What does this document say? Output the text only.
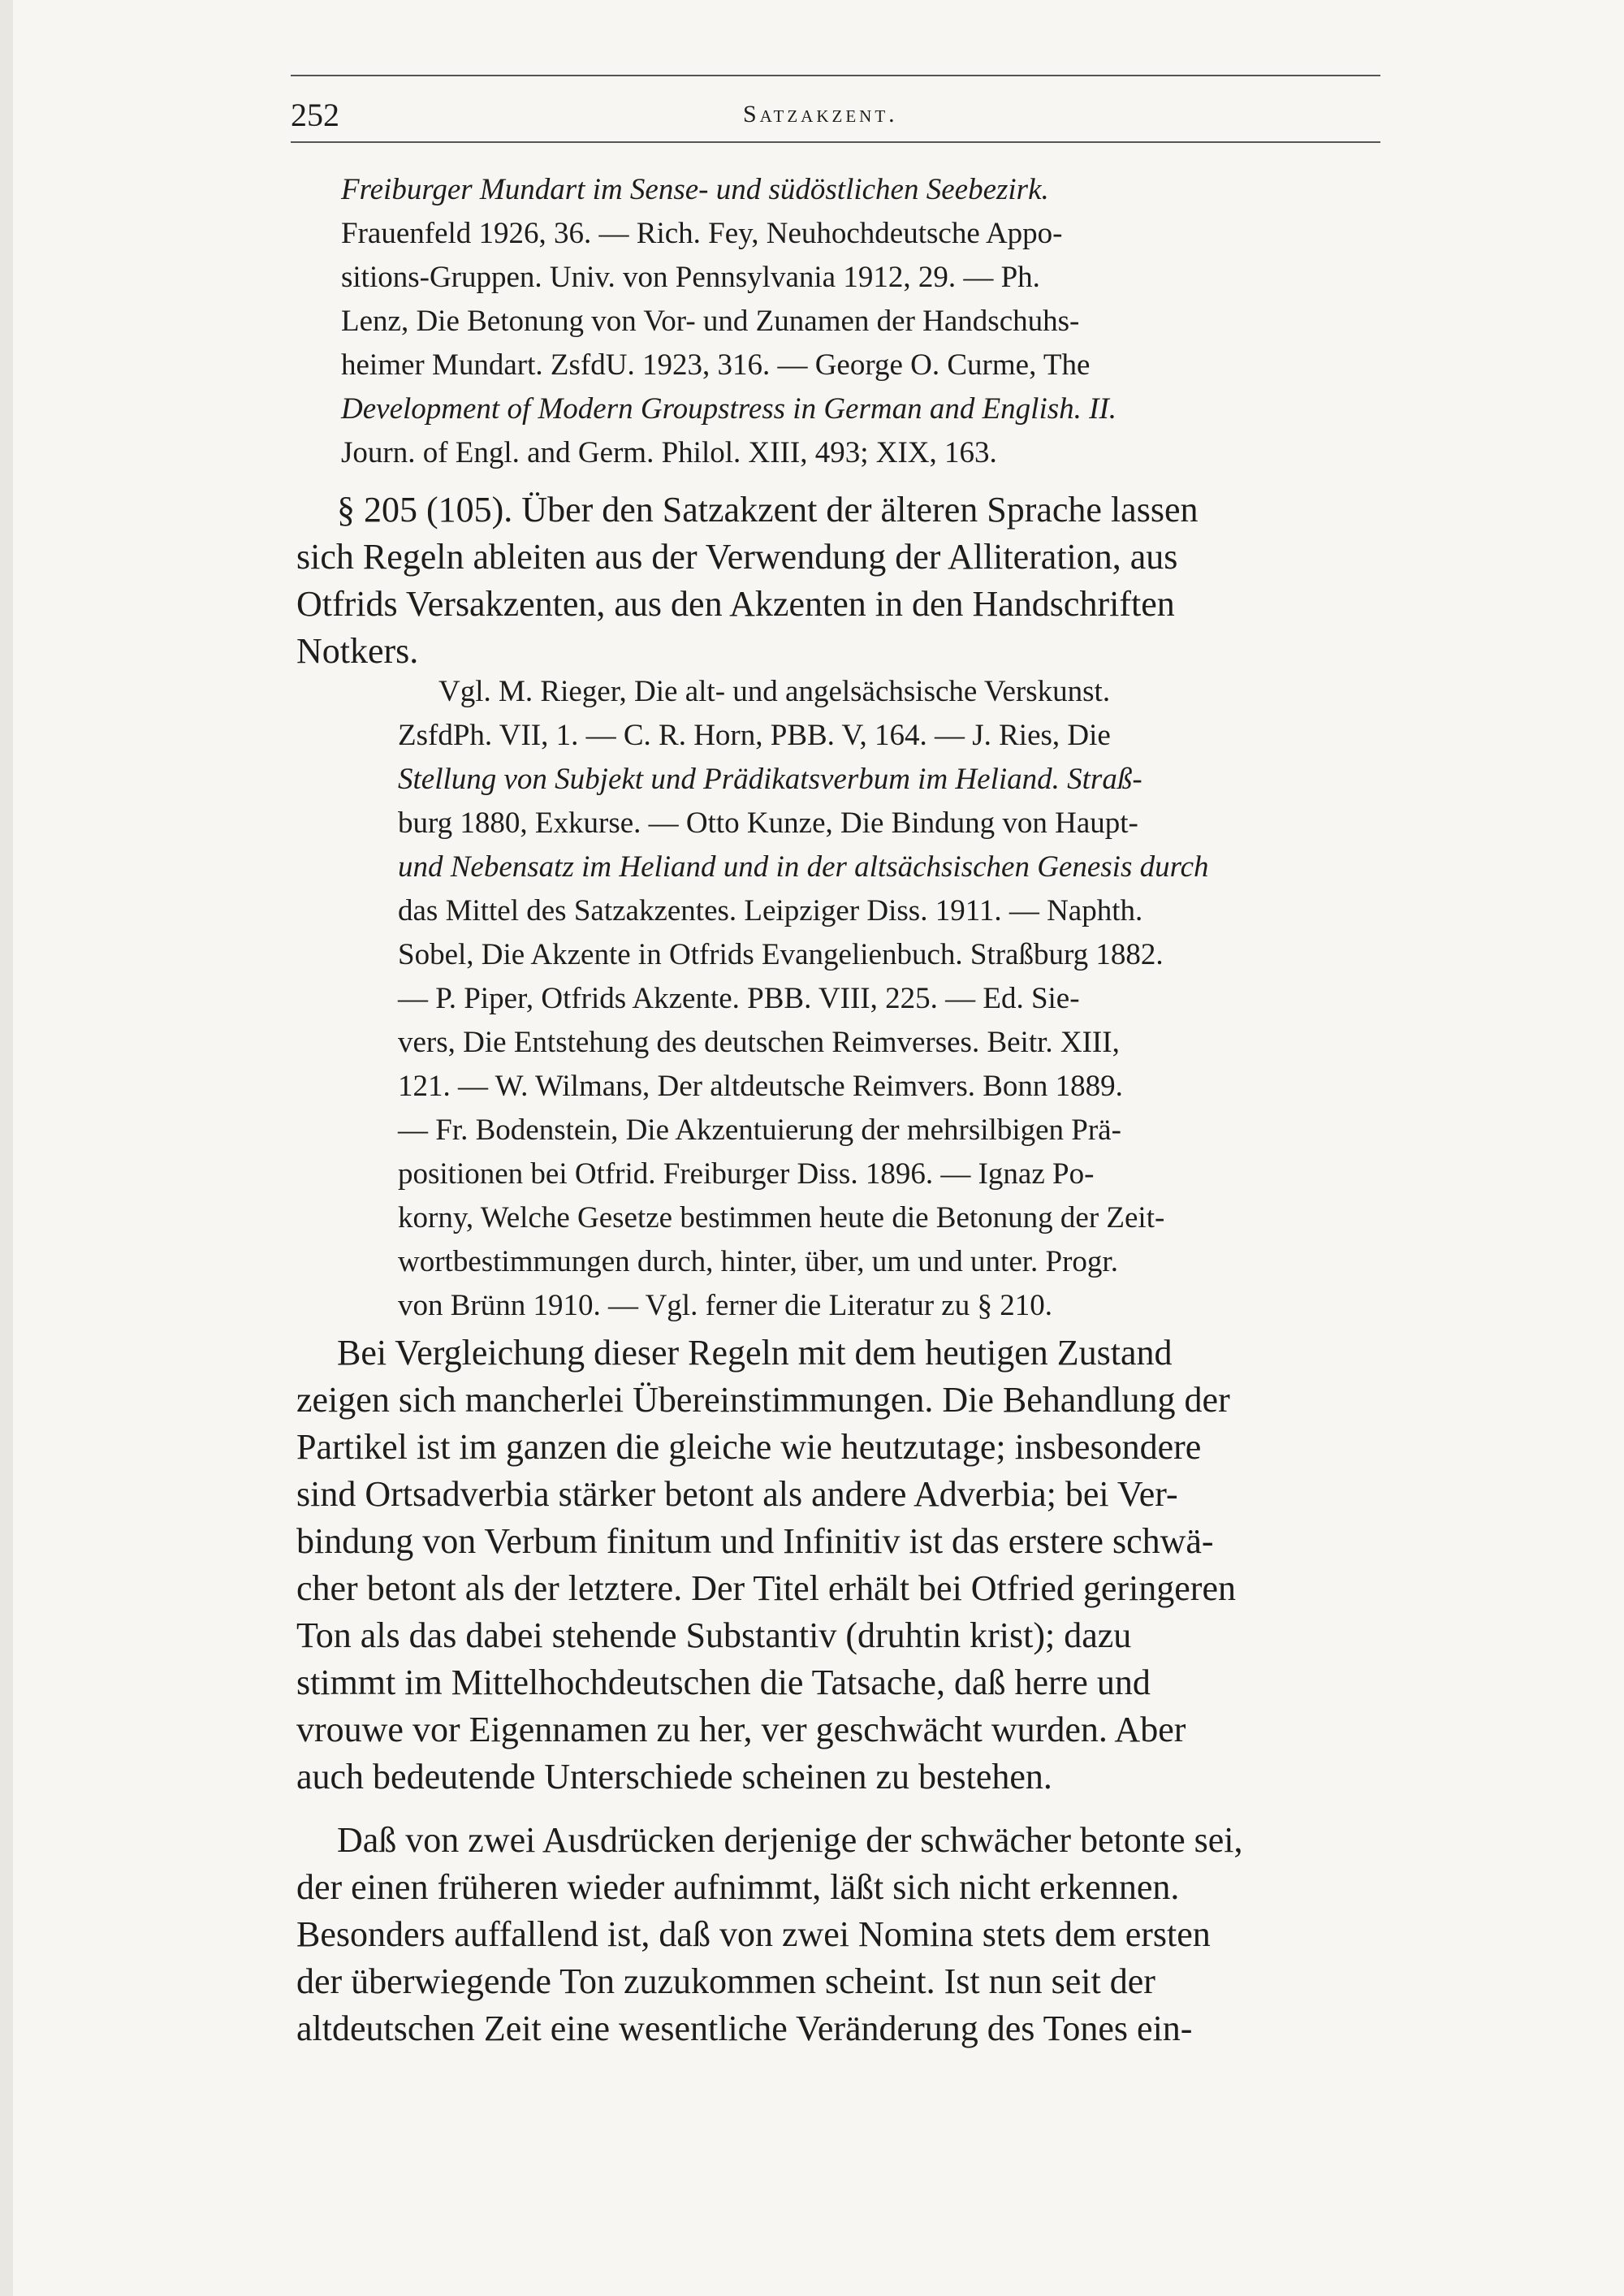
252	Satzakzent.
Freiburger Mundart im Sense- und südöstlichen Seebezirk.
Frauenfeld 1926, 36. — Rich. Fey, Neuhochdeutsche Appo-
sitions-Gruppen. Univ. von Pennsylvania 1912, 29. — Ph.
Lenz, Die Betonung von Vor- und Zunamen der Handschuhs-
heimer Mundart. ZsfdU. 1923, 316. — George O. Curme, The
Development of Modern Groupstress in German and English. II.
Journ. of Engl. and Germ. Philol. XIII, 493; XIX, 163.
§ 205 (105). Über den Satzakzent der älteren Sprache lassen
sich Regeln ableiten aus der Verwendung der Alliteration, aus
Otfrids Versakzenten, aus den Akzenten in den Handschriften
Notkers.
Vgl. M. Rieger, Die alt- und angelsächsische Verskunst.
ZsfdPh. VII, 1. — C. R. Horn, PBB. V, 164. — J. Ries, Die
Stellung von Subjekt und Prädikatsverbum im Heliand. Straß-
burg 1880, Exkurse. — Otto Kunze, Die Bindung von Haupt-
und Nebensatz im Heliand und in der altsächsischen Genesis durch
das Mittel des Satzakzentes. Leipziger Diss. 1911. — Naphth.
Sobel, Die Akzente in Otfrids Evangelienbuch. Straßburg 1882.
— P. Piper, Otfrids Akzente. PBB. VIII, 225. — Ed. Sie-
vers, Die Entstehung des deutschen Reimverses. Beitr. XIII,
121. — W. Wilmans, Der altdeutsche Reimvers. Bonn 1889.
— Fr. Bodenstein, Die Akzentuierung der mehrsilbigen Prä-
positionen bei Otfrid. Freiburger Diss. 1896. — Ignaz Po-
korny, Welche Gesetze bestimmen heute die Betonung der Zeit-
wortbestimmungen durch, hinter, über, um und unter. Progr.
von Brünn 1910. — Vgl. ferner die Literatur zu § 210.
Bei Vergleichung dieser Regeln mit dem heutigen Zustand
zeigen sich mancherlei Übereinstimmungen. Die Behandlung der
Partikel ist im ganzen die gleiche wie heutzutage; insbesondere
sind Ortsadverbia stärker betont als andere Adverbia; bei Ver-
bindung von Verbum finitum und Infinitiv ist das erstere schwä-
cher betont als der letztere. Der Titel erhält bei Otfried geringeren
Ton als das dabei stehende Substantiv (druhtin krist); dazu
stimmt im Mittelhochdeutschen die Tatsache, daß herre und
vrouwe vor Eigennamen zu her, ver geschwächt wurden. Aber
auch bedeutende Unterschiede scheinen zu bestehen.
Daß von zwei Ausdrücken derjenige der schwächer betonte sei,
der einen früheren wieder aufnimmt, läßt sich nicht erkennen.
Besonders auffallend ist, daß von zwei Nomina stets dem ersten
der überwiegende Ton zuzukommen scheint. Ist nun seit der
altdeutschen Zeit eine wesentliche Veränderung des Tones ein-
